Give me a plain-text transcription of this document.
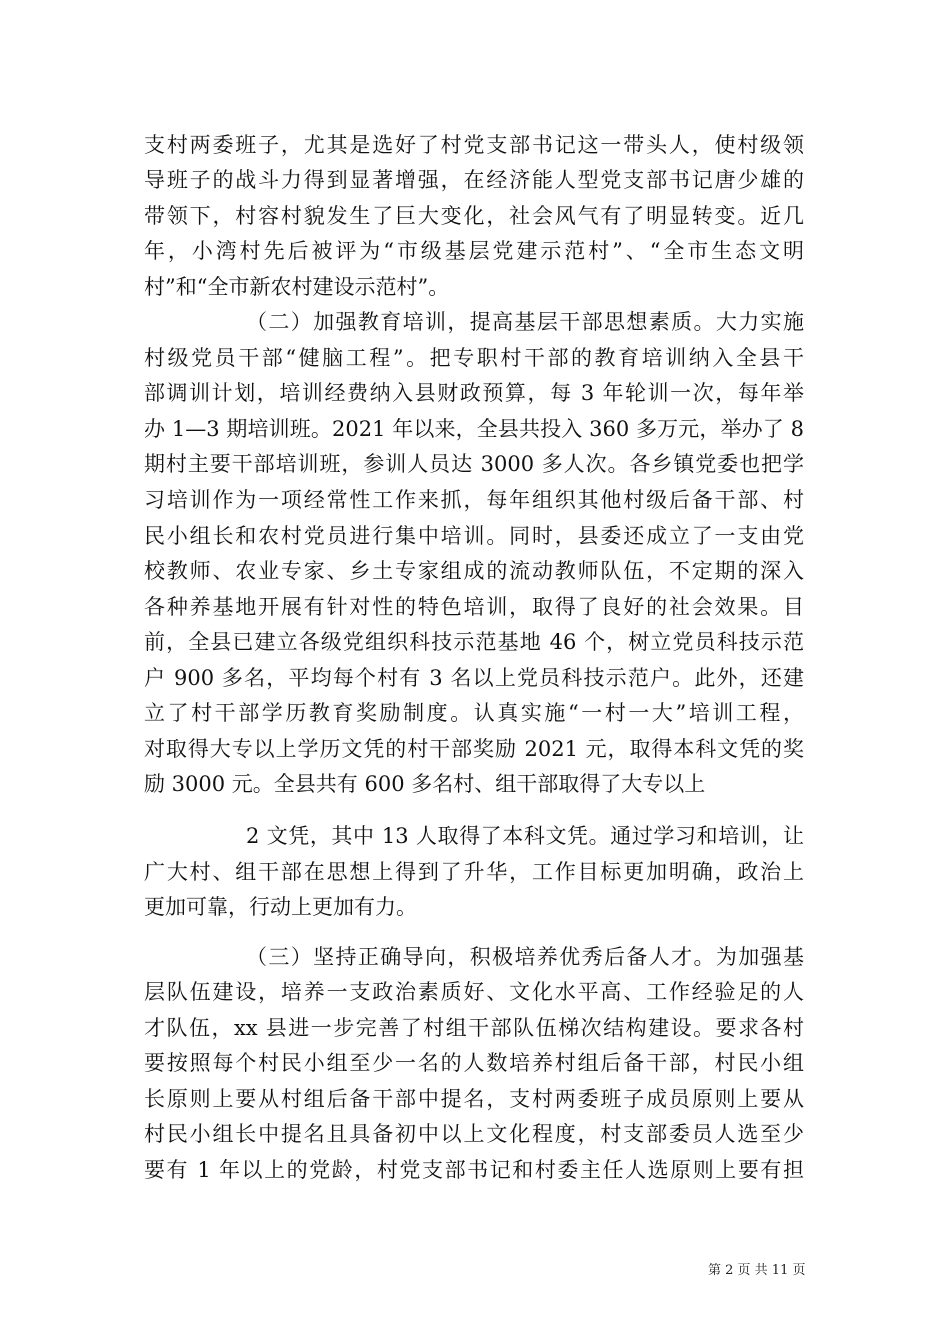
支村两委班子，尤其是选好了村党支部书记这一带头人，使村级领
导班子的战斗力得到显著增强，在经济能人型党支部书记唐少雄的
带领下，村容村貌发生了巨大变化，社会风气有了明显转变。近几
年，小湾村先后被评为“市级基层党建示范村”、“全市生态文明
村”和“全市新农村建设示范村”。
（二）加强教育培训，提高基层干部思想素质。大力实施
村级党员干部“健脑工程”。把专职村干部的教育培训纳入全县干
部调训计划，培训经费纳入县财政预算，每 3 年轮训一次，每年举
办 1—3 期培训班。2021 年以来，全县共投入 360 多万元，举办了 8
期村主要干部培训班，参训人员达 3000 多人次。各乡镇党委也把学
习培训作为一项经常性工作来抓，每年组织其他村级后备干部、村
民小组长和农村党员进行集中培训。同时，县委还成立了一支由党
校教师、农业专家、乡土专家组成的流动教师队伍，不定期的深入
各种养基地开展有针对性的特色培训，取得了良好的社会效果。目
前，全县已建立各级党组织科技示范基地 46 个，树立党员科技示范
户 900 多名，平均每个村有 3 名以上党员科技示范户。此外，还建
立了村干部学历教育奖励制度。认真实施“一村一大”培训工程，
对取得大专以上学历文凭的村干部奖励 2021 元，取得本科文凭的奖
励 3000 元。全县共有 600 多名村、组干部取得了大专以上
2 文凭，其中 13 人取得了本科文凭。通过学习和培训，让
广大村、组干部在思想上得到了升华，工作目标更加明确，政治上
更加可靠，行动上更加有力。
（三）坚持正确导向，积极培养优秀后备人才。为加强基
层队伍建设，培养一支政治素质好、文化水平高、工作经验足的人
才队伍，xx 县进一步完善了村组干部队伍梯次结构建设。要求各村
要按照每个村民小组至少一名的人数培养村组后备干部，村民小组
长原则上要从村组后备干部中提名，支村两委班子成员原则上要从
村民小组长中提名且具备初中以上文化程度，村支部委员人选至少
要有 1 年以上的党龄，村党支部书记和村委主任人选原则上要有担
第 2 页 共 11 页
